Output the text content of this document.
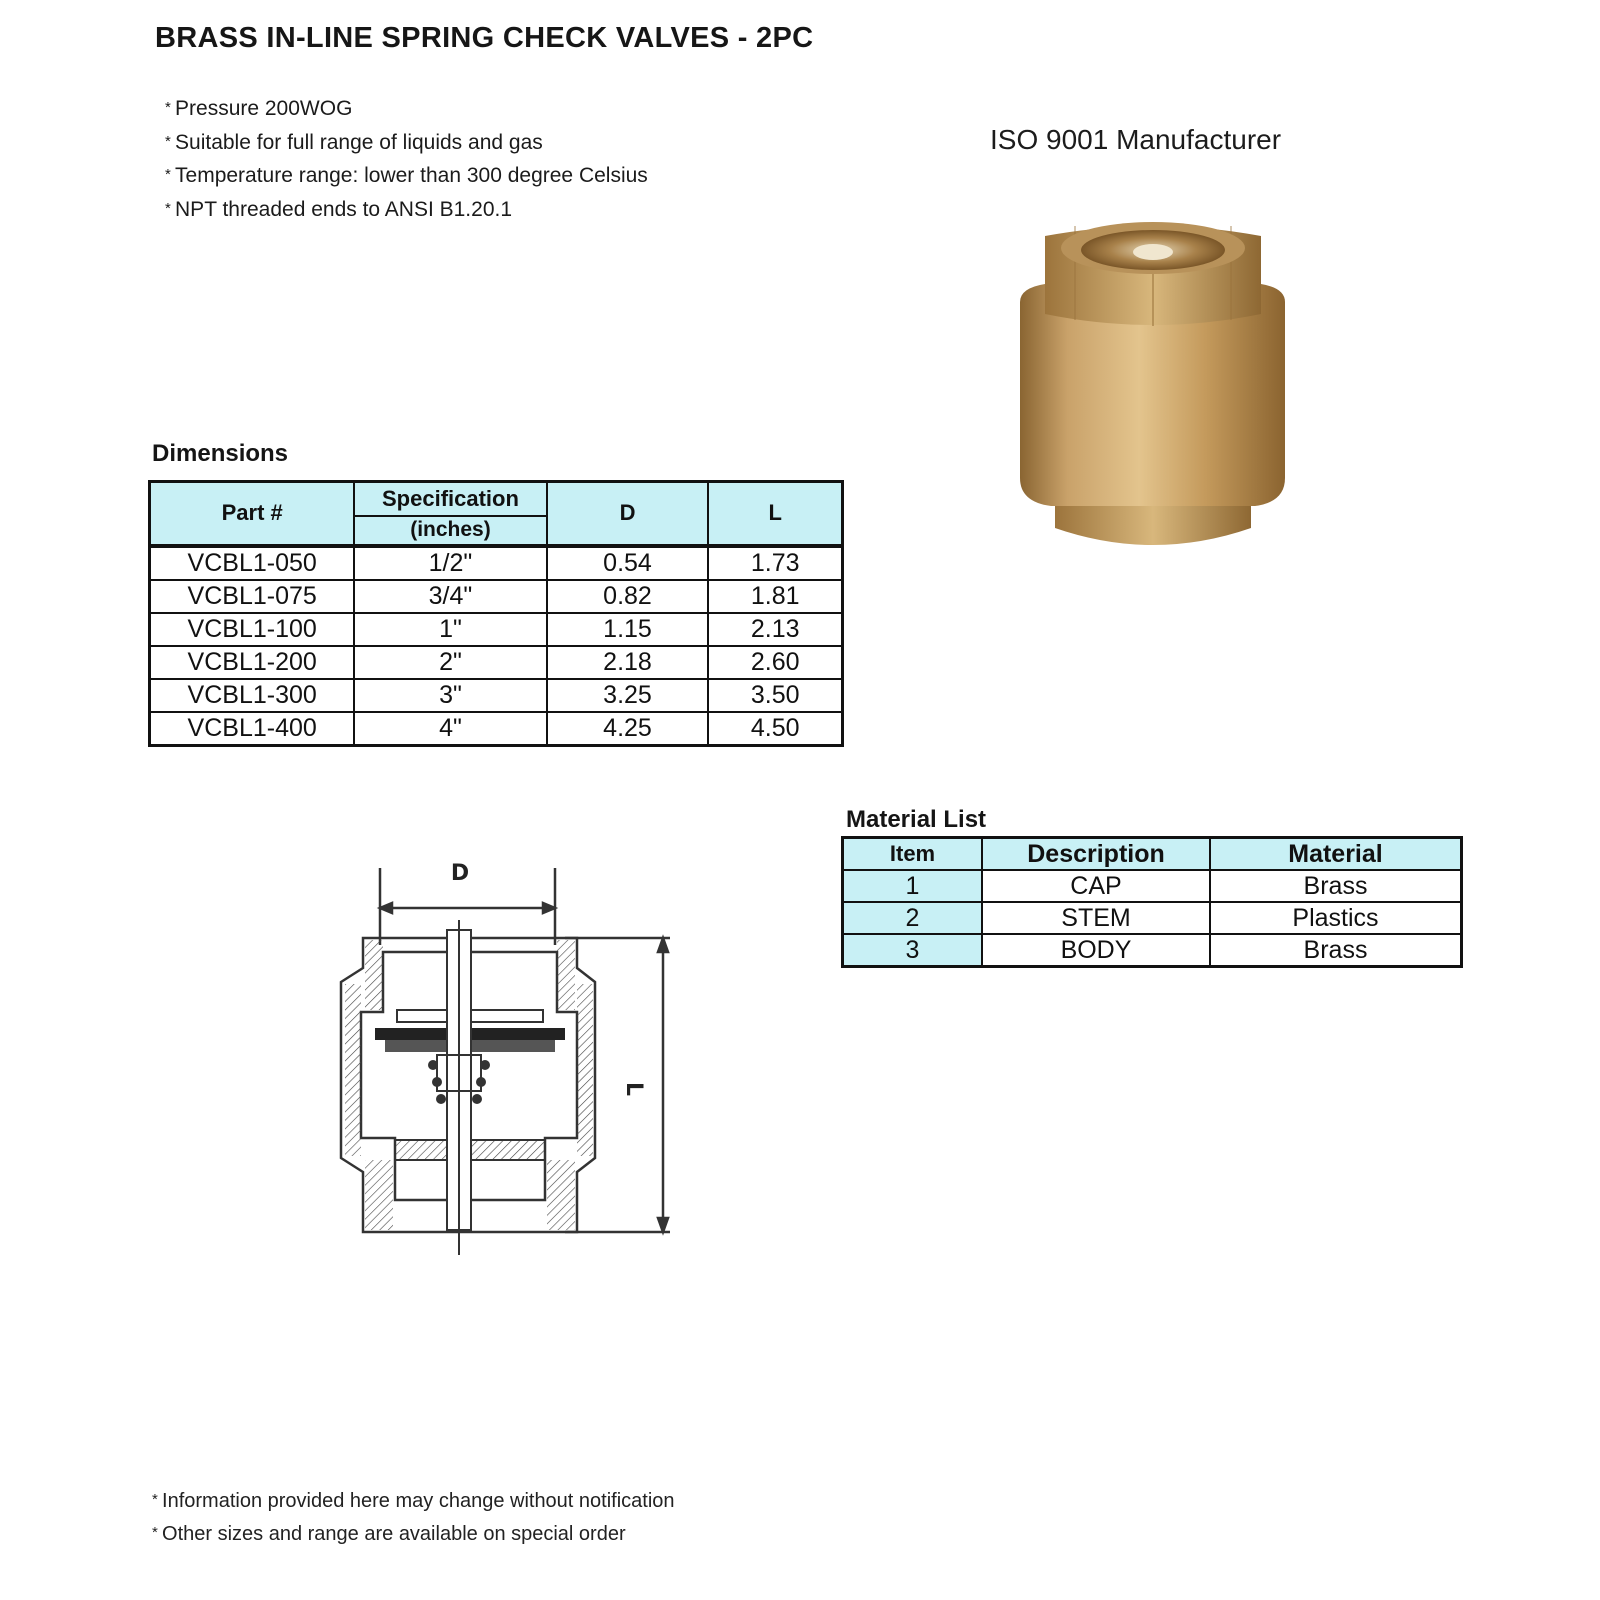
BRASS IN-LINE SPRING CHECK VALVES - 2PC
* Pressure 200WOG
* Suitable for full range of liquids and gas
* Temperature range: lower than 300 degree Celsius
* NPT threaded ends to ANSI B1.20.1
ISO 9001 Manufacturer
Dimensions
Part #	Specification	D	L
	(inches)		
VCBL1-050	1/2"	0.54	1.73
VCBL1-075	3/4"	0.82	1.81
VCBL1-100	1"	1.15	2.13
VCBL1-200	2"	2.18	2.60
VCBL1-300	3"	3.25	3.50
VCBL1-400	4"	4.25	4.50
D
L
Material List
Item	Description	Material
1	CAP	Brass
2	STEM	Plastics
3	BODY	Brass
* Information provided here may change without notification
* Other sizes and range are available on special order
